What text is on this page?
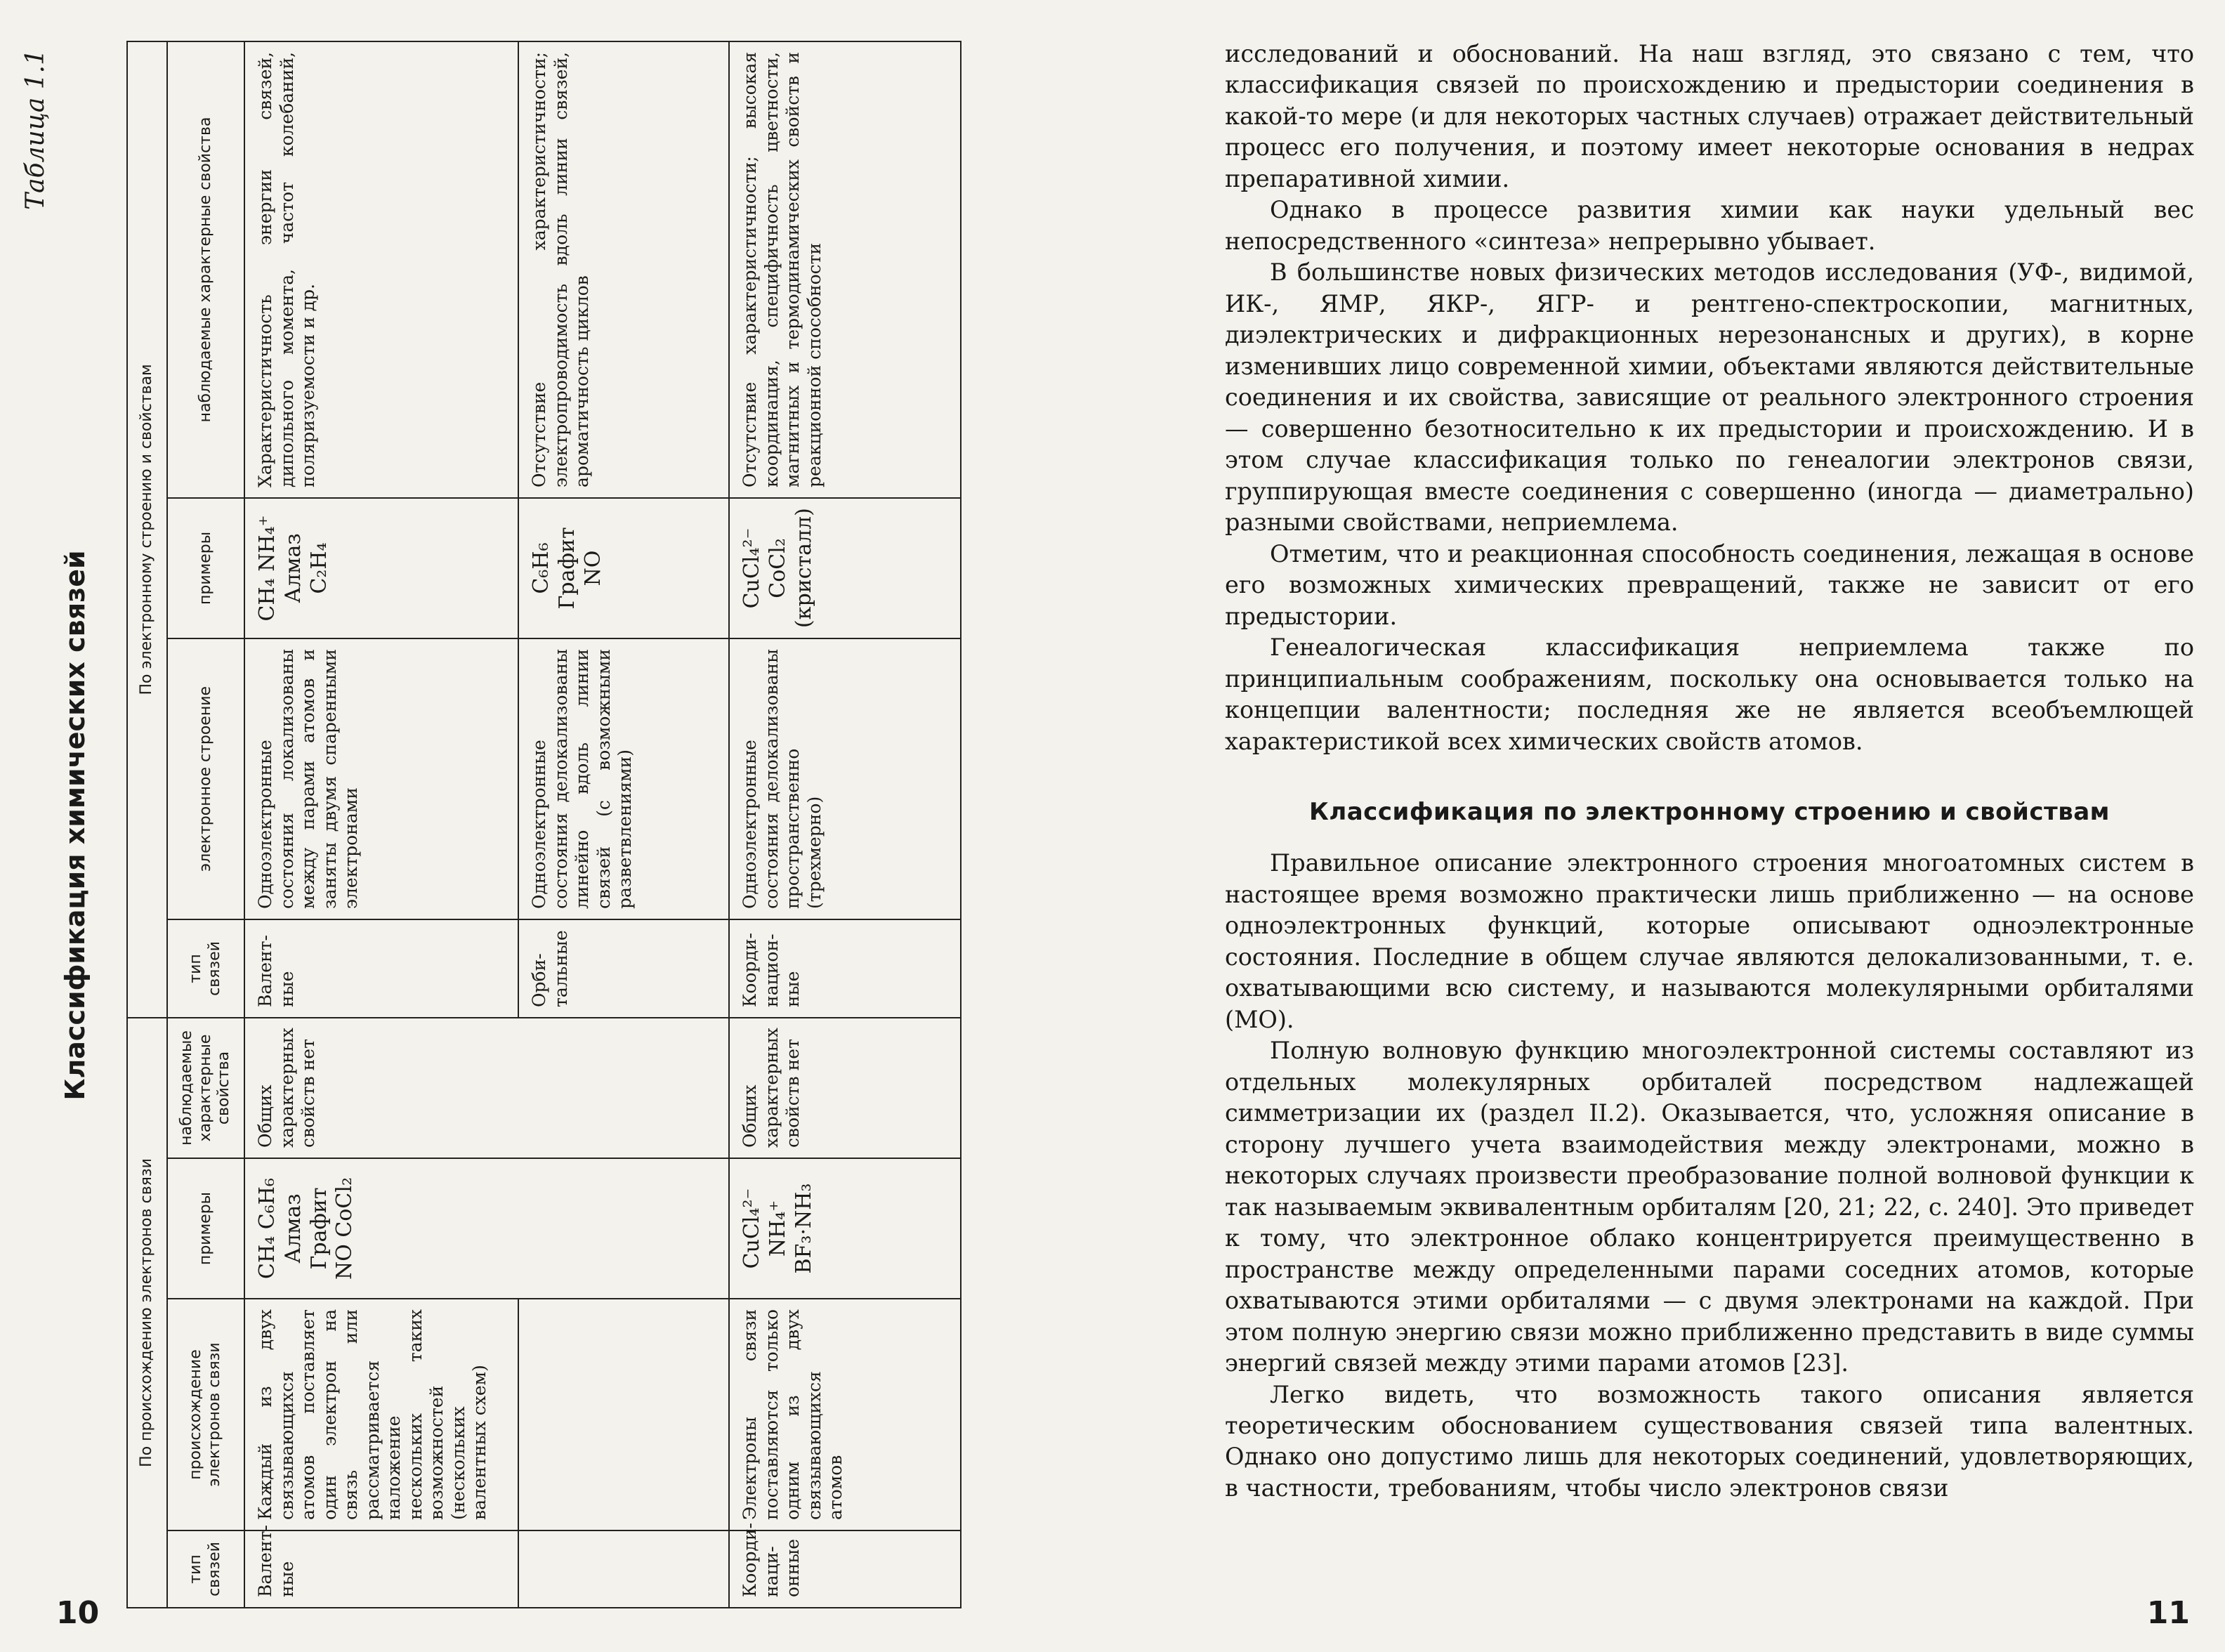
Таблица 1.1
Классификация химических связей
По происхождению электронов связи				По электронному строению и свойствам			
тип связей	происхождение электронов связи	примеры	наблюдаемые характерные свойства	тип связей	электронное строение	примеры	наблюдаемые характерные свойства
Валент-ные	Каждый из двух связывающихся атомов поставляет один электрон на связь или рассматривается наложение нескольких таких возможностей (нескольких валентных схем)	CH₄ C₆H₆ Алмаз Графит NO CoCl₂	Общих характерных свойств нет	Валент-ные	Одноэлектронные состояния локализованы между парами атомов и заняты двумя спаренными электронами	CH₄ NH₄⁺ Алмаз C₂H₄	Характеристичность энергии связей, дипольного момента, частот колебаний, поляризуемости и др.
				Орби-тальные	Одноэлектронные состояния делокализованы линейно вдоль линии связей (с возможными разветвлениями)	C₆H₆ Графит NO	Отсутствие характеристичности; электропроводимость вдоль линии связей, ароматичность циклов
Коорди-наци-онные	Электроны связи поставляются только одним из двух связывающихся атомов	CuCl₄²⁻ NH₄⁺ BF₃·NH₃	Общих характерных свойств нет	Коорди-национ-ные	Одноэлектронные состояния делокализованы пространственно (трехмерно)	CuCl₄²⁻ CoCl₂ (кристалл)	Отсутствие характеристичности; высокая координация, специфичность цветности, магнитных и термодинамических свойств и реакционной способности
10

исследований и обоснований. На наш взгляд, это связано с тем, что классификация связей по происхождению и предыстории соединения в какой-то мере (и для некоторых частных случаев) отражает действительный процесс его получения, и поэтому имеет некоторые основания в недрах препаративной химии.

Однако в процессе развития химии как науки удельный вес непосредственного «синтеза» непрерывно убывает.

В большинстве новых физических методов исследования (УФ-, видимой, ИК-, ЯМР, ЯКР-, ЯГР- и рентгено-спектроскопии, магнитных, диэлектрических и дифракционных нерезонансных и других), в корне изменивших лицо современной химии, объектами являются действительные соединения и их свойства, зависящие от реального электронного строения — совершенно безотносительно к их предыстории и происхождению. И в этом случае классификация только по генеалогии электронов связи, группирующая вместе соединения с совершенно (иногда — диаметрально) разными свойствами, неприемлема.

Отметим, что и реакционная способность соединения, лежащая в основе его возможных химических превращений, также не зависит от его предыстории.

Генеалогическая классификация неприемлема также по принципиальным соображениям, поскольку она основывается только на концепции валентности; последняя же не является всеобъемлющей характеристикой всех химических свойств атомов.

Классификация по электронному строению и свойствам

Правильное описание электронного строения многоатомных систем в настоящее время возможно практически лишь приближенно — на основе одноэлектронных функций, которые описывают одноэлектронные состояния. Последние в общем случае являются делокализованными, т. е. охватывающими всю систему, и называются молекулярными орбиталями (МО).

Полную волновую функцию многоэлектронной системы составляют из отдельных молекулярных орбиталей посредством надлежащей симметризации их (раздел II.2). Оказывается, что, усложняя описание в сторону лучшего учета взаимодействия между электронами, можно в некоторых случаях произвести преобразование полной волновой функции к так называемым эквивалентным орбиталям [20, 21; 22, с. 240]. Это приведет к тому, что электронное облако концентрируется преимущественно в пространстве между определенными парами соседних атомов, которые охватываются этими орбиталями — с двумя электронами на каждой. При этом полную энергию связи можно приближенно представить в виде суммы энергий связей между этими парами атомов [23].

Легко видеть, что возможность такого описания является теоретическим обоснованием существования связей типа валентных. Однако оно допустимо лишь для некоторых соединений, удовлетворяющих, в частности, требованиям, чтобы число электронов связи

11
